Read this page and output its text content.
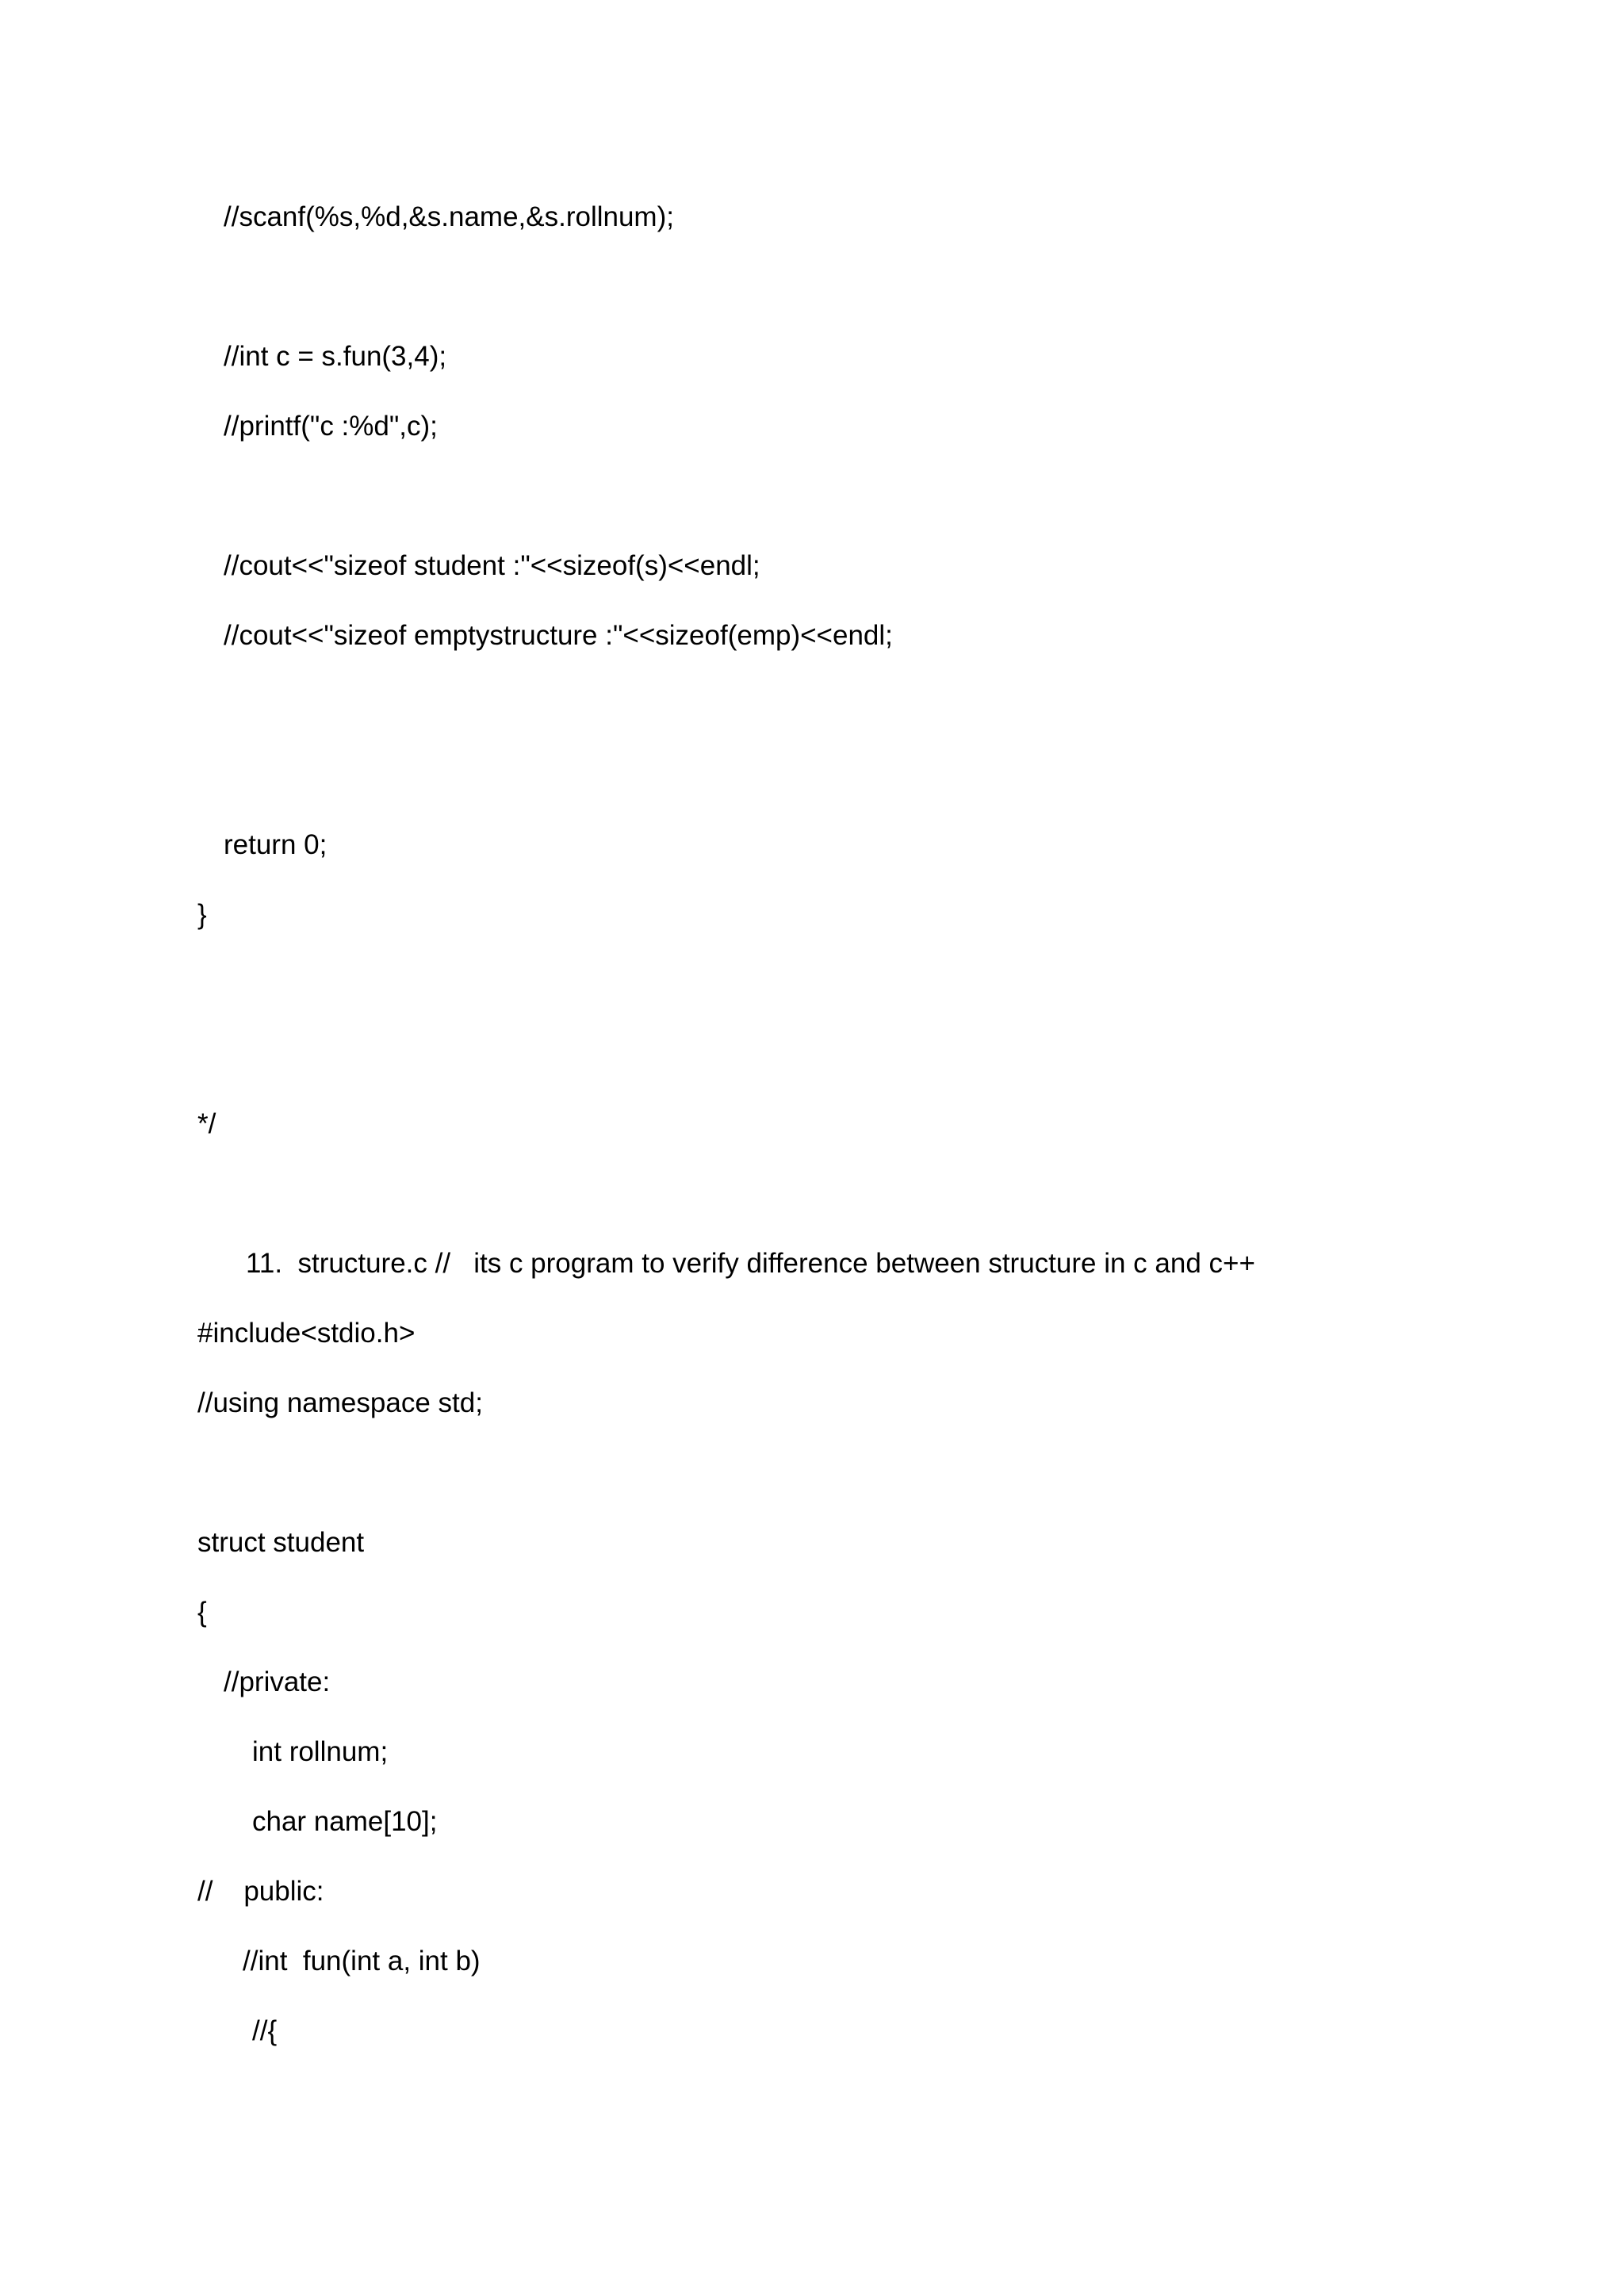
//scanf(%s,%d,&s.name,&s.rollnum);
//int c = s.fun(3,4);
//printf("c :%d",c);
//cout<<"sizeof student :"<<sizeof(s)<<endl;
//cout<<"sizeof emptystructure :"<<sizeof(emp)<<endl;
return 0;
}
*/
11.  structure.c //   its c program to verify difference between structure in c and c++
#include<stdio.h>
//using namespace std;
struct student
{
//private:
int rollnum;
char name[10];
//    public:
//int  fun(int a, int b)
//{
